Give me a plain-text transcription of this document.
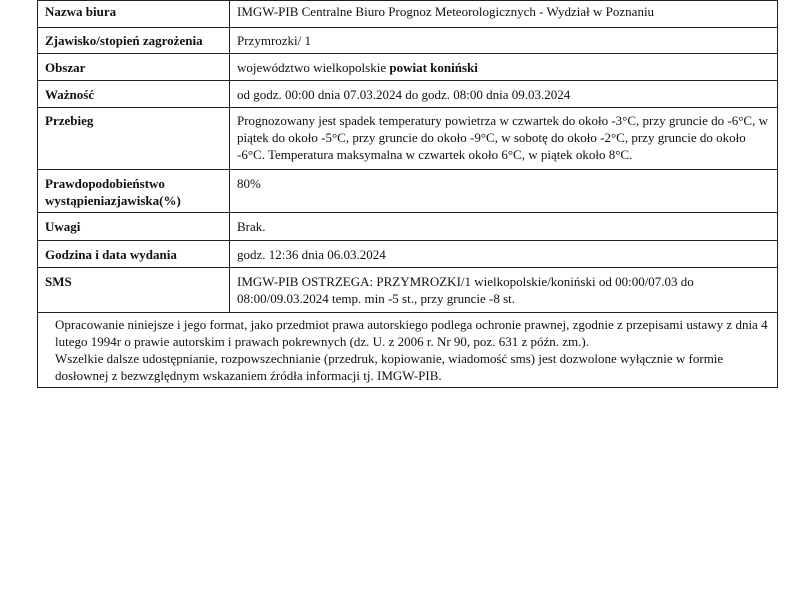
Nazwa biura	IMGW-PIB Centralne Biuro Prognoz Meteorologicznych - Wydział w Poznaniu
Zjawisko/stopień zagrożenia	Przymrozki/ 1
Obszar	województwo wielkopolskie powiat koniński
Ważność	od godz. 00:00 dnia 07.03.2024 do godz. 08:00 dnia 09.03.2024
Przebieg	Prognozowany jest spadek temperatury powietrza w czwartek do około -3°C, przy gruncie do -6°C, w piątek do około -5°C, przy gruncie do około -9°C, w sobotę do około -2°C, przy gruncie do około -6°C. Temperatura maksymalna w czwartek około 6°C, w piątek około 8°C.
Prawdopodobieństwo wystąpieniazjawiska(%)	80%
Uwagi	Brak.
Godzina i data wydania	godz. 12:36 dnia 06.03.2024
SMS	IMGW-PIB OSTRZEGA: PRZYMROZKI/1 wielkopolskie/koniński od 00:00/07.03 do 08:00/09.03.2024 temp. min -5 st., przy gruncie -8 st.

Opracowanie niniejsze i jego format, jako przedmiot prawa autorskiego podlega ochronie prawnej, zgodnie z przepisami ustawy z dnia 4 lutego 1994r o prawie autorskim i prawach pokrewnych (dz. U. z 2006 r. Nr 90, poz. 631 z późn. zm.).
Wszelkie dalsze udostępnianie, rozpowszechnianie (przedruk, kopiowanie, wiadomość sms) jest dozwolone wyłącznie w formie dosłownej z bezwzględnym wskazaniem źródła informacji tj. IMGW-PIB.	
